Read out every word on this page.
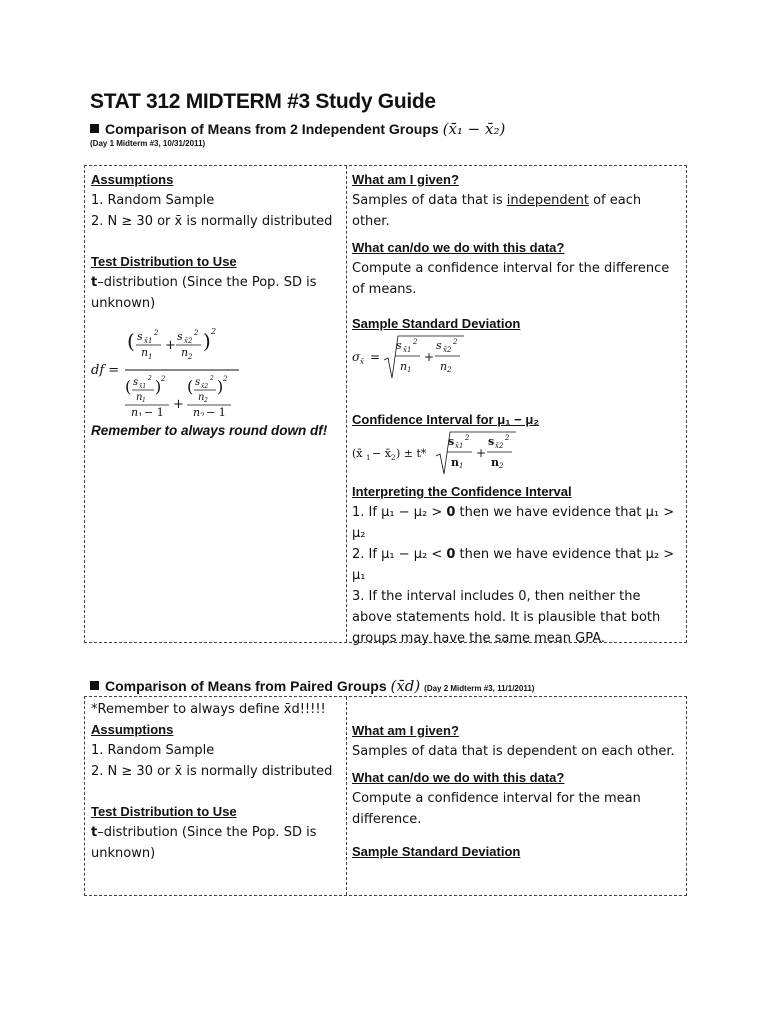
STAT 312 MIDTERM #3 Study Guide
Comparison of Means from 2 Independent Groups (x̄₁ − x̄₂)
(Day 1 Midterm #3, 10/31/2011)
Assumptions
1. Random Sample
2. N ≥ 30 or x̄ is normally distributed
Test Distribution to Use
t–distribution (Since the Pop. SD is unknown)
df =
( s x̄1
2
n 1
+
s x̄2
2
n 2
) 2
( s x̄1
2
n 1
) 2
n 1 − 1
+
( s x̄2
2
n 2
) 2
n 2 − 1
Remember to always round down df!
What am I given?
Samples of data that is independent of each other.
What can/do we do with this data?
Compute a confidence interval for the difference of means.
Sample Standard Deviation
σ x̄ =
s x̄1
2
n 1
+
s x̄2
2
n 2
Confidence Interval for μ₁ − μ₂
(x̄ 1 − x̄ 2 ) ± t*
s x̄1
2
n 1
+
s x̄2
2
n 2
Interpreting the Confidence Interval
1. If μ₁ − μ₂ > 0 then we have evidence that μ₁ > μ₂
2. If μ₁ − μ₂ < 0 then we have evidence that μ₂ > μ₁
3. If the interval includes 0, then neither the above statements hold. It is plausible that both groups may have the same mean GPA.
Comparison of Means from Paired Groups (x̄d) (Day 2 Midterm #3, 11/1/2011)
*Remember to always define x̄d!!!!!
Assumptions
1. Random Sample
2. N ≥ 30 or x̄ is normally distributed
Test Distribution to Use
t–distribution (Since the Pop. SD is unknown)
What am I given?
Samples of data that is dependent on each other.
What can/do we do with this data?
Compute a confidence interval for the mean difference.
Sample Standard Deviation
